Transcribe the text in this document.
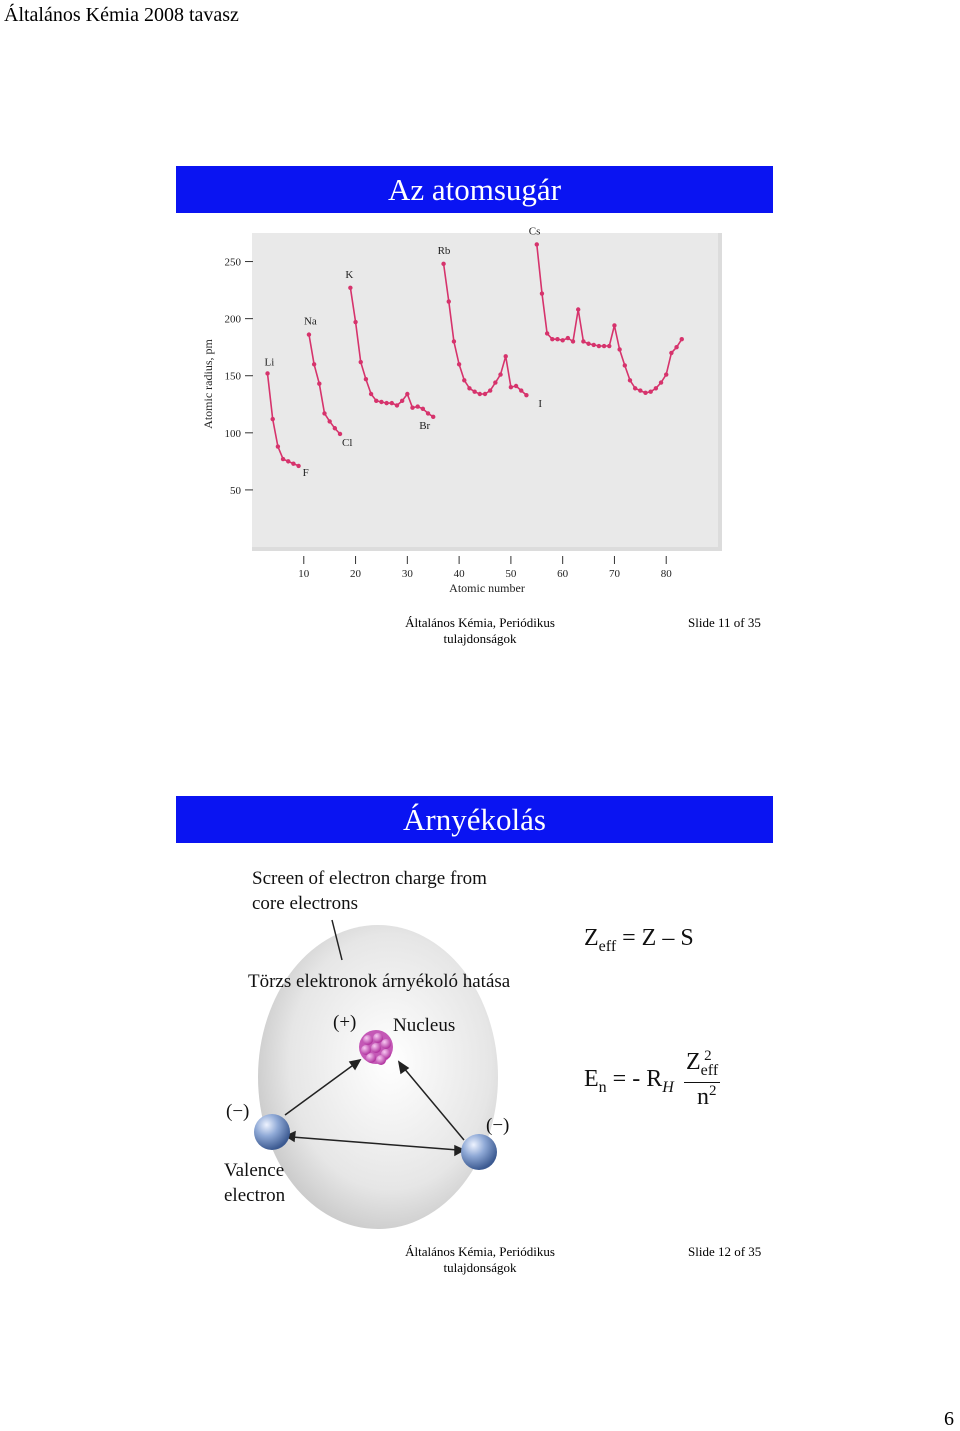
Általános Kémia 2008 tavasz
Az atomsugár
10	20	30	40	50	60	70	80
50
100
150
200
250
Li
F
Na
Cl
K
Br
Rb
I
Cs
Atomic radius, pm
Atomic number
Általános Kémia, Periódikus tulajdonságok
Slide 11 of 35
Árnyékolás
Screen of electron charge from core electrons
Törzs elektronok árnyékoló hatása
(+) Nucleus
(−)
(−)
Valence electron
$Z_{eff} = Z - S$
$E_n$ = - $R_H$
$Z_{eff}^2$
$n^2$
Általános Kémia, Periódikus tulajdonságok
Slide 12 of 35
6
